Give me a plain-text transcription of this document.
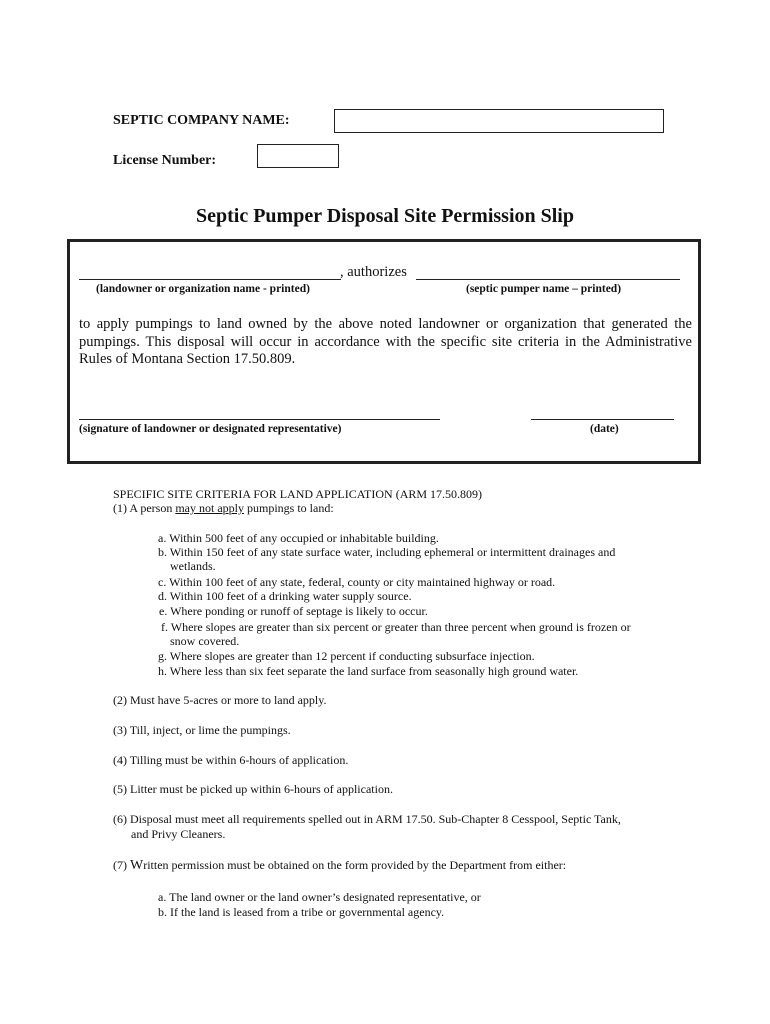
SEPTIC COMPANY NAME:
License Number:
Septic Pumper Disposal Site Permission Slip
, authorizes
(landowner or organization name - printed)	(septic pumper name – printed)
to apply pumpings to land owned by the above noted landowner or organization that generated the pumpings. This disposal will occur in accordance with the specific site criteria in the Administrative Rules of Montana Section 17.50.809.
(signature of landowner or designated representative)	(date)
SPECIFIC SITE CRITERIA FOR LAND APPLICATION (ARM 17.50.809)
(1) A person may not apply pumpings to land:
a. Within 500 feet of any occupied or inhabitable building.
b. Within 150 feet of any state surface water, including ephemeral or intermittent drainages and
wetlands.
c. Within 100 feet of any state, federal, county or city maintained highway or road.
d. Within 100 feet of a drinking water supply source.
e. Where ponding or runoff of septage is likely to occur.
f. Where slopes are greater than six percent or greater than three percent when ground is frozen or
snow covered.
g. Where slopes are greater than 12 percent if conducting subsurface injection.
h. Where less than six feet separate the land surface from seasonally high ground water.
(2) Must have 5-acres or more to land apply.
(3) Till, inject, or lime the pumpings.
(4) Tilling must be within 6-hours of application.
(5) Litter must be picked up within 6-hours of application.
(6) Disposal must meet all requirements spelled out in ARM 17.50. Sub-Chapter 8 Cesspool, Septic Tank,
and Privy Cleaners.
(7) Written permission must be obtained on the form provided by the Department from either:
a. The land owner or the land owner’s designated representative, or
b. If the land is leased from a tribe or governmental agency.
